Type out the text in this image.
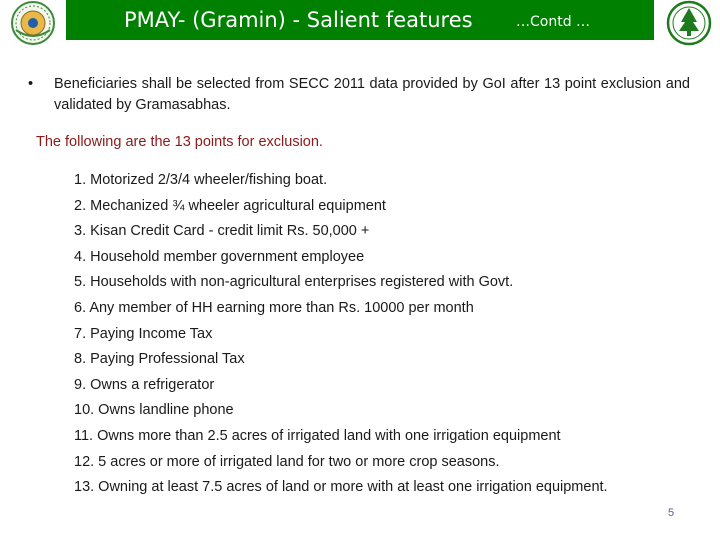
PMAY- (Gramin) - Salient features	…Contd …
•	Beneficiaries shall be selected from SECC 2011 data provided by GoI after 13 point exclusion and validated by Gramasabhas.
The following are the 13 points for exclusion.
1. Motorized 2/3/4 wheeler/fishing boat.
2. Mechanized ¾ wheeler agricultural equipment
3. Kisan Credit Card - credit limit Rs. 50,000 +
4. Household member government employee
5. Households with non-agricultural enterprises registered with Govt.
6. Any member of HH earning more than Rs. 10000 per month
7. Paying Income Tax
8. Paying Professional Tax
9. Owns a refrigerator
10. Owns landline phone
11. Owns more than 2.5 acres of irrigated land with one irrigation equipment
12. 5 acres or more of irrigated land for two or more crop seasons.
13. Owning at least 7.5 acres of land or more with at least one irrigation equipment.
5
